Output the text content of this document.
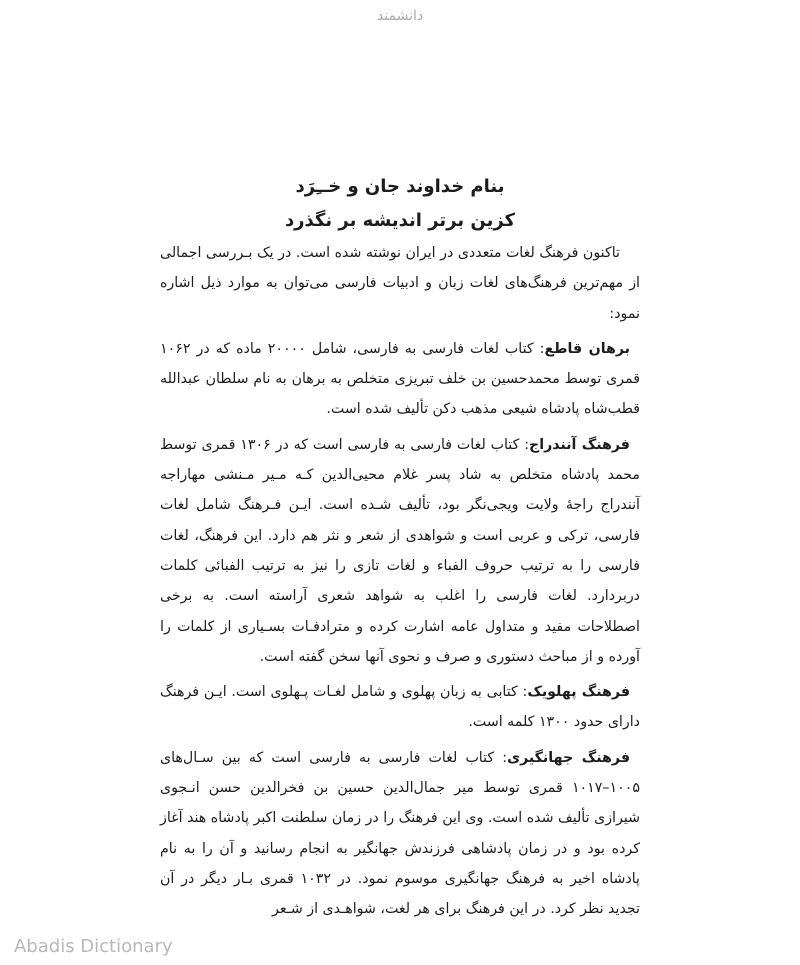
دانشمند

بنام خداوند جان و خــِرَد

کزین برتر اندیشه بر نگذرد

تاکنون فرهنگ لغات متعددی در ایران نوشته شده است. در یک بـررسی اجمالی از مهم‌ترین فرهنگ‌های لغات زبان و ادبیات فارسی می‌توان به موارد ذیل اشاره نمود:

برهان قاطع: کتاب لغات فارسی به فارسی، شامل ۲۰۰۰۰ ماده که در ۱۰۶۲ قمری توسط محمدحسین بن خلف تبریزی متخلص به برهان به نام سلطان عبدالله قطب‌شاه پادشاه شیعی مذهب دکن تألیف شده است.

فرهنگ آنندراج: کتاب لغات فارسی به فارسی است که در ۱۳۰۶ قمری توسط محمد پادشاه متخلص به شاد پسر غلام محیی‌الدین کـه مـیر مـنشی مهاراجه آنندراج راجهٔ ولایت ویجی‌نگر بود، تألیف شـده است. ایـن فـرهنگ شامل لغات فارسی، ترکی و عربی است و شواهدی از شعر و نثر هم دارد. این فرهنگ، لغات فارسی را به ترتیب حروف الفباء و لغات تازی را نیز به ترتیب الفبائی کلمات دربردارد. لغات فارسی را اغلب به شواهد شعری آراسته است. به برخی اصطلاحات مفید و متداول عامه اشارت کرده و مترادفـات بسـیاری از کلمات را آورده و از مباحث دستوری و صرف و نحوی آنها سخن گفته است.

فرهنگ پهلویک: کتابی به زبان پهلوی و شامل لغـات پـهلوی است. ایـن فرهنگ دارای حدود ۱۳۰۰ کلمه است.

فرهنگ جهانگیری: کتاب لغات فارسی به فارسی است که بین سـال‌های ۱۰۰۵–۱۰۱۷ قمری توسط میر جمال‌الدین حسین بن فخرالدین حسن انـجوی شیرازی تألیف شده است. وی این فرهنگ را در زمان سلطنت اکبر پادشاه هند آغاز کرده بود و در زمان پادشاهی فرزندش جهانگیر به انجام رسانید و آن را به نام پادشاه اخیر به فرهنگ جهانگیری موسوم نمود. در ۱۰۳۲ قمری بـار دیگر در آن تجدید نظر کرد. در این فرهنگ برای هر لغت، شواهـدی از شـعر

Abadis Dictionary
